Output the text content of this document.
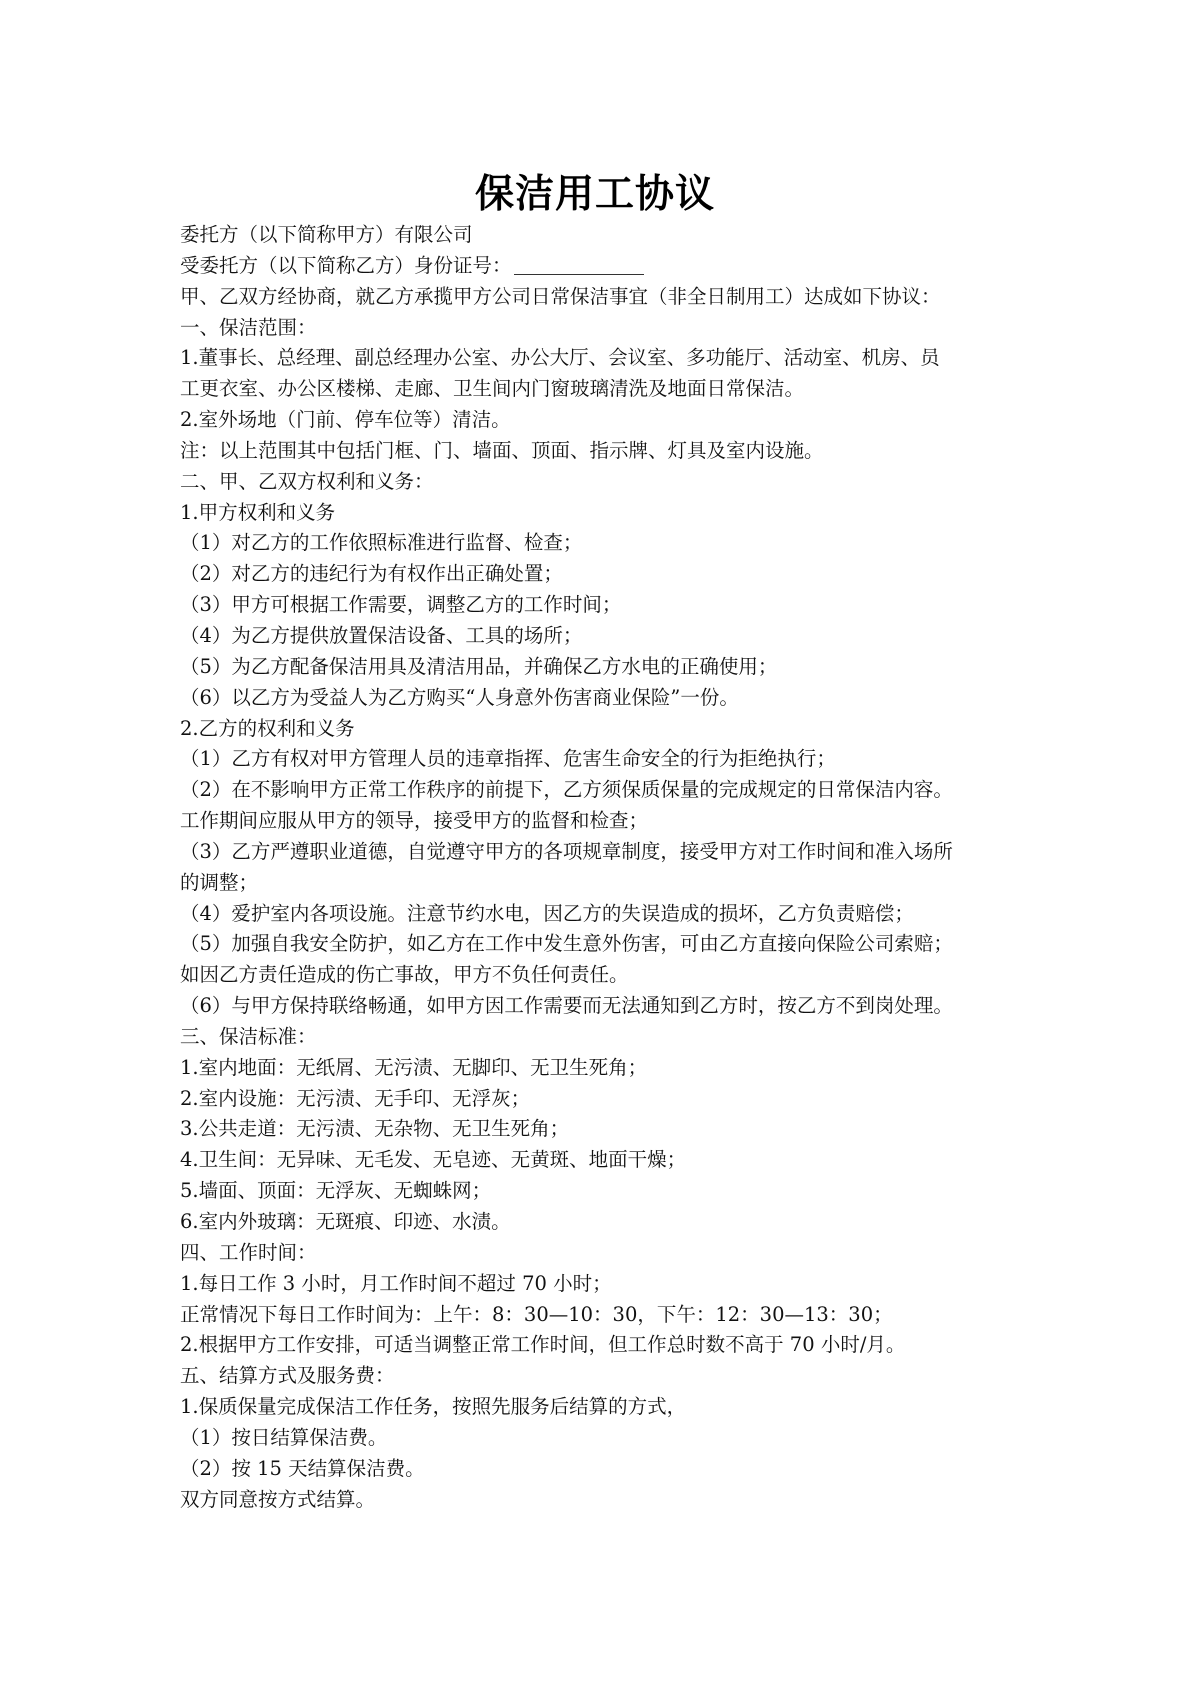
保洁用工协议
委托方（以下简称甲方）有限公司
受委托方（以下简称乙方）身份证号：
甲、乙双方经协商，就乙方承揽甲方公司日常保洁事宜（非全日制用工）达成如下协议：
一、保洁范围：
1.董事长、总经理、副总经理办公室、办公大厅、会议室、多功能厅、活动室、机房、员
工更衣室、办公区楼梯、走廊、卫生间内门窗玻璃清洗及地面日常保洁。
2.室外场地（门前、停车位等）清洁。
注：以上范围其中包括门框、门、墙面、顶面、指示牌、灯具及室内设施。
二、甲、乙双方权利和义务：
1.甲方权利和义务
（1）对乙方的工作依照标准进行监督、检查；
（2）对乙方的违纪行为有权作出正确处置；
（3）甲方可根据工作需要，调整乙方的工作时间；
（4）为乙方提供放置保洁设备、工具的场所；
（5）为乙方配备保洁用具及清洁用品，并确保乙方水电的正确使用；
（6）以乙方为受益人为乙方购买“人身意外伤害商业保险”一份。
2.乙方的权利和义务
（1）乙方有权对甲方管理人员的违章指挥、危害生命安全的行为拒绝执行；
（2）在不影响甲方正常工作秩序的前提下，乙方须保质保量的完成规定的日常保洁内容。
工作期间应服从甲方的领导，接受甲方的监督和检查；
（3）乙方严遵职业道德，自觉遵守甲方的各项规章制度，接受甲方对工作时间和准入场所
的调整；
（4）爱护室内各项设施。注意节约水电，因乙方的失误造成的损坏，乙方负责赔偿；
（5）加强自我安全防护，如乙方在工作中发生意外伤害，可由乙方直接向保险公司索赔；
如因乙方责任造成的伤亡事故，甲方不负任何责任。
（6）与甲方保持联络畅通，如甲方因工作需要而无法通知到乙方时，按乙方不到岗处理。
三、保洁标准：
1.室内地面：无纸屑、无污渍、无脚印、无卫生死角；
2.室内设施：无污渍、无手印、无浮灰；
3.公共走道：无污渍、无杂物、无卫生死角；
4.卫生间：无异味、无毛发、无皂迹、无黄斑、地面干燥；
5.墙面、顶面：无浮灰、无蜘蛛网；
6.室内外玻璃：无斑痕、印迹、水渍。
四、工作时间：
1.每日工作 3 小时，月工作时间不超过 70 小时；
正常情况下每日工作时间为：上午：8：30—10：30，下午：12：30—13：30；
2.根据甲方工作安排，可适当调整正常工作时间，但工作总时数不高于 70 小时/月。
五、结算方式及服务费：
1.保质保量完成保洁工作任务，按照先服务后结算的方式，
（1）按日结算保洁费。
（2）按 15 天结算保洁费。
双方同意按方式结算。
